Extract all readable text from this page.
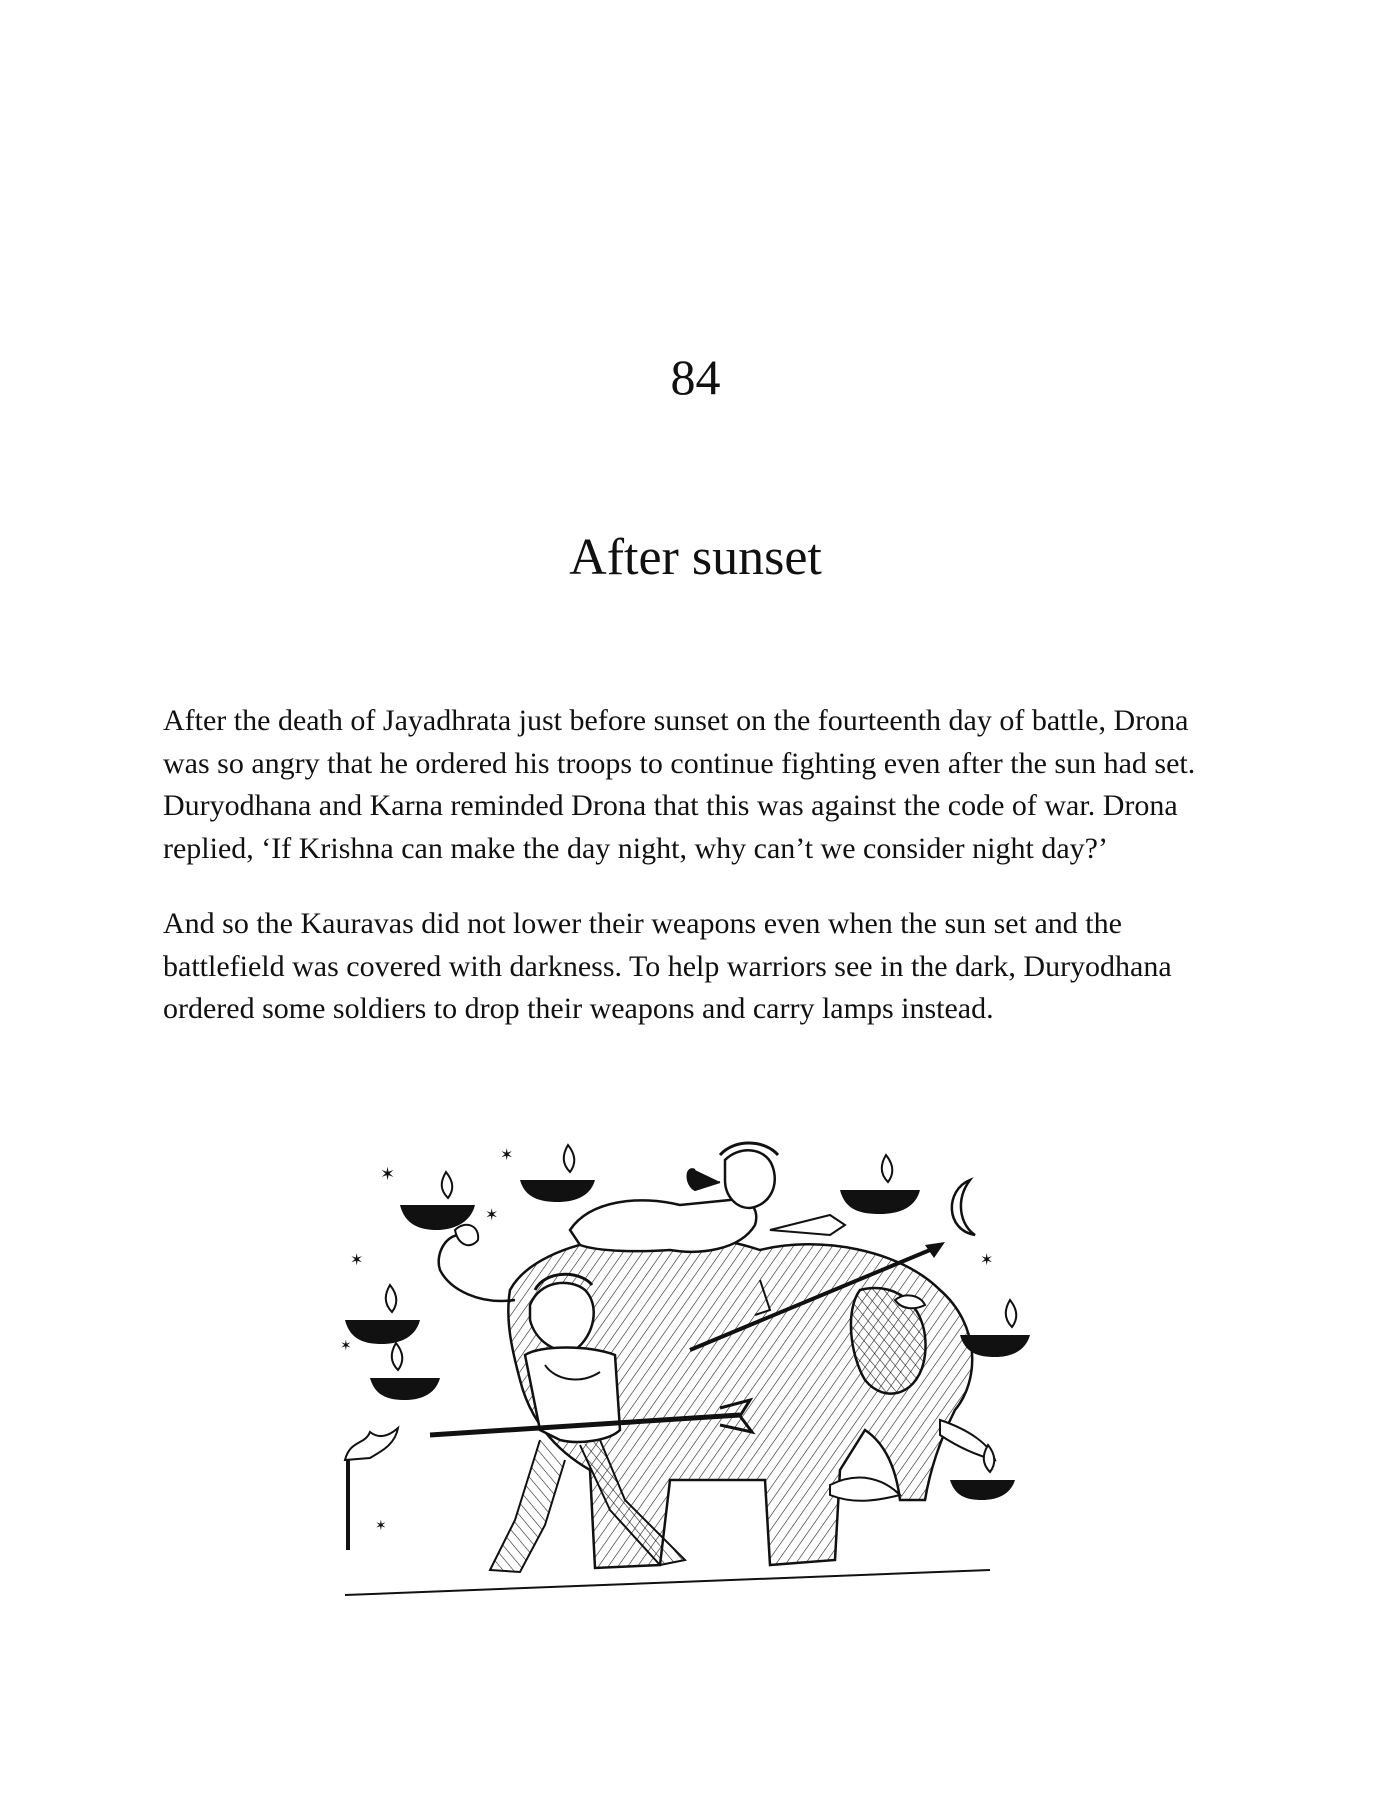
84
After sunset

After the death of Jayadhrata just before sunset on the fourteenth day of battle, Drona was so angry that he ordered his troops to continue fighting even after the sun had set. Duryodhana and Karna reminded Drona that this was against the code of war. Drona replied, ‘If Krishna can make the day night, why can’t we consider night day?’

And so the Kauravas did not lower their weapons even when the sun set and the battlefield was covered with darkness. To help warriors see in the dark, Duryodhana ordered some soldiers to drop their weapons and carry lamps instead.

✶
✶
✶
✶
✶
✶
✶
